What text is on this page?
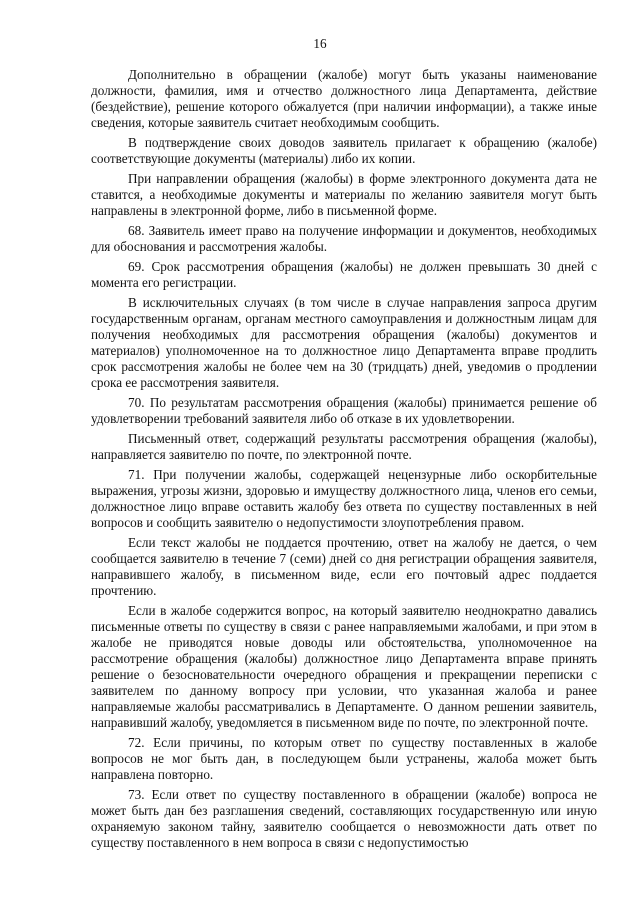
16

Дополнительно в обращении (жалобе) могут быть указаны наименование должности, фамилия, имя и отчество должностного лица Департамента, действие (бездействие), решение которого обжалуется (при наличии информации), а также иные сведения, которые заявитель считает необходимым сообщить.

В подтверждение своих доводов заявитель прилагает к обращению (жалобе) соответствующие документы (материалы) либо их копии.

При направлении обращения (жалобы) в форме электронного документа дата не ставится, а необходимые документы и материалы по желанию заявителя могут быть направлены в электронной форме, либо в письменной форме.

68. Заявитель имеет право на получение информации и документов, необходимых для обоснования и рассмотрения жалобы.

69. Срок рассмотрения обращения (жалобы) не должен превышать 30 дней с момента его регистрации.

В исключительных случаях (в том числе в случае направления запроса другим государственным органам, органам местного самоуправления и должностным лицам для получения необходимых для рассмотрения обращения (жалобы) документов и материалов) уполномоченное на то должностное лицо Департамента вправе продлить срок рассмотрения жалобы не более чем на 30 (тридцать) дней, уведомив о продлении срока ее рассмотрения заявителя.

70. По результатам рассмотрения обращения (жалобы) принимается решение об удовлетворении требований заявителя либо об отказе в их удовлетворении.

Письменный ответ, содержащий результаты рассмотрения обращения (жалобы), направляется заявителю по почте, по электронной почте.

71. При получении жалобы, содержащей нецензурные либо оскорбительные выражения, угрозы жизни, здоровью и имуществу должностного лица, членов его семьи, должностное лицо вправе оставить жалобу без ответа по существу поставленных в ней вопросов и сообщить заявителю о недопустимости злоупотребления правом.

Если текст жалобы не поддается прочтению, ответ на жалобу не дается, о чем сообщается заявителю в течение 7 (семи) дней со дня регистрации обращения заявителя, направившего жалобу, в письменном виде, если его почтовый адрес поддается прочтению.

Если в жалобе содержится вопрос, на который заявителю неоднократно давались письменные ответы по существу в связи с ранее направляемыми жалобами, и при этом в жалобе не приводятся новые доводы или обстоятельства, уполномоченное на рассмотрение обращения (жалобы) должностное лицо Департамента вправе принять решение о безосновательности очередного обращения и прекращении переписки с заявителем по данному вопросу при условии, что указанная жалоба и ранее направляемые жалобы рассматривались в Департаменте. О данном решении заявитель, направивший жалобу, уведомляется в письменном виде по почте, по электронной почте.

72. Если причины, по которым ответ по существу поставленных в жалобе вопросов не мог быть дан, в последующем были устранены, жалоба может быть направлена повторно.

73. Если ответ по существу поставленного в обращении (жалобе) вопроса не может быть дан без разглашения сведений, составляющих государственную или иную охраняемую законом тайну, заявителю сообщается о невозможности дать ответ по существу поставленного в нем вопроса в связи с недопустимостью
